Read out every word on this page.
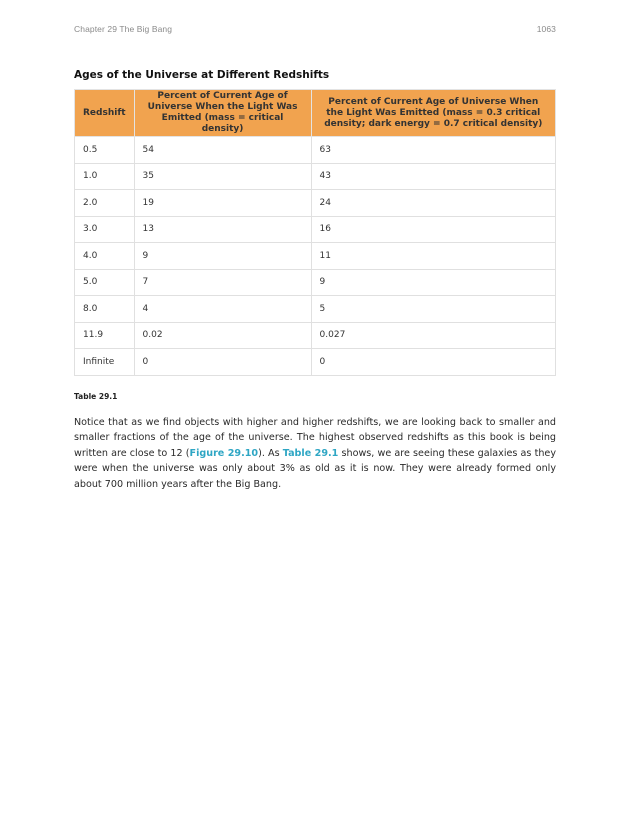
Chapter 29 The Big Bang	1063
Ages of the Universe at Different Redshifts
Redshift	Percent of Current Age of Universe When the Light Was Emitted (mass = critical density)	Percent of Current Age of Universe When the Light Was Emitted (mass = 0.3 critical density; dark energy = 0.7 critical density)
0.5	54	63
1.0	35	43
2.0	19	24
3.0	13	16
4.0	9	11
5.0	7	9
8.0	4	5
11.9	0.02	0.027
Infinite	0	0
Table 29.1

Notice that as we find objects with higher and higher redshifts, we are looking back to smaller and smaller fractions of the age of the universe. The highest observed redshifts as this book is being written are close to 12 (Figure 29.10). As Table 29.1 shows, we are seeing these galaxies as they were when the universe was only about 3% as old as it is now. They were already formed only about 700 million years after the Big Bang.
